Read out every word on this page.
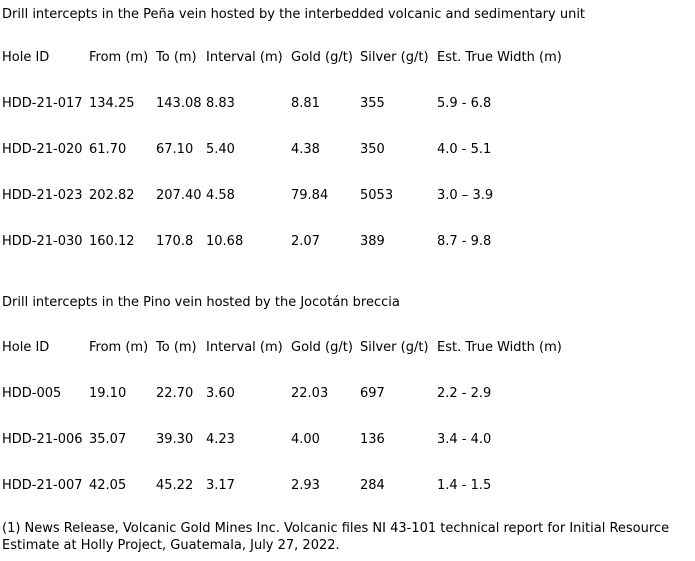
Drill intercepts in the Peña vein hosted by the interbedded volcanic and sedimentary unit
Hole ID	From (m)	To (m)	Interval (m)	Gold (g/t)	Silver (g/t)	Est. True Width (m)
HDD-21-017	134.25	143.08	8.83	8.81	355	5.9 - 6.8
HDD-21-020	61.70	67.10	5.40	4.38	350	4.0 - 5.1
HDD-21-023	202.82	207.40	4.58	79.84	5053	3.0 – 3.9
HDD-21-030	160.12	170.8	10.68	2.07	389	8.7 - 9.8
Drill intercepts in the Pino vein hosted by the Jocotán breccia
Hole ID	From (m)	To (m)	Interval (m)	Gold (g/t)	Silver (g/t)	Est. True Width (m)
HDD-005	19.10	22.70	3.60	22.03	697	2.2 - 2.9
HDD-21-006	35.07	39.30	4.23	4.00	136	3.4 - 4.0
HDD-21-007	42.05	45.22	3.17	2.93	284	1.4 - 1.5
(1) News Release, Volcanic Gold Mines Inc. Volcanic files NI 43-101 technical report for Initial Resource Estimate at Holly Project, Guatemala, July 27, 2022.
